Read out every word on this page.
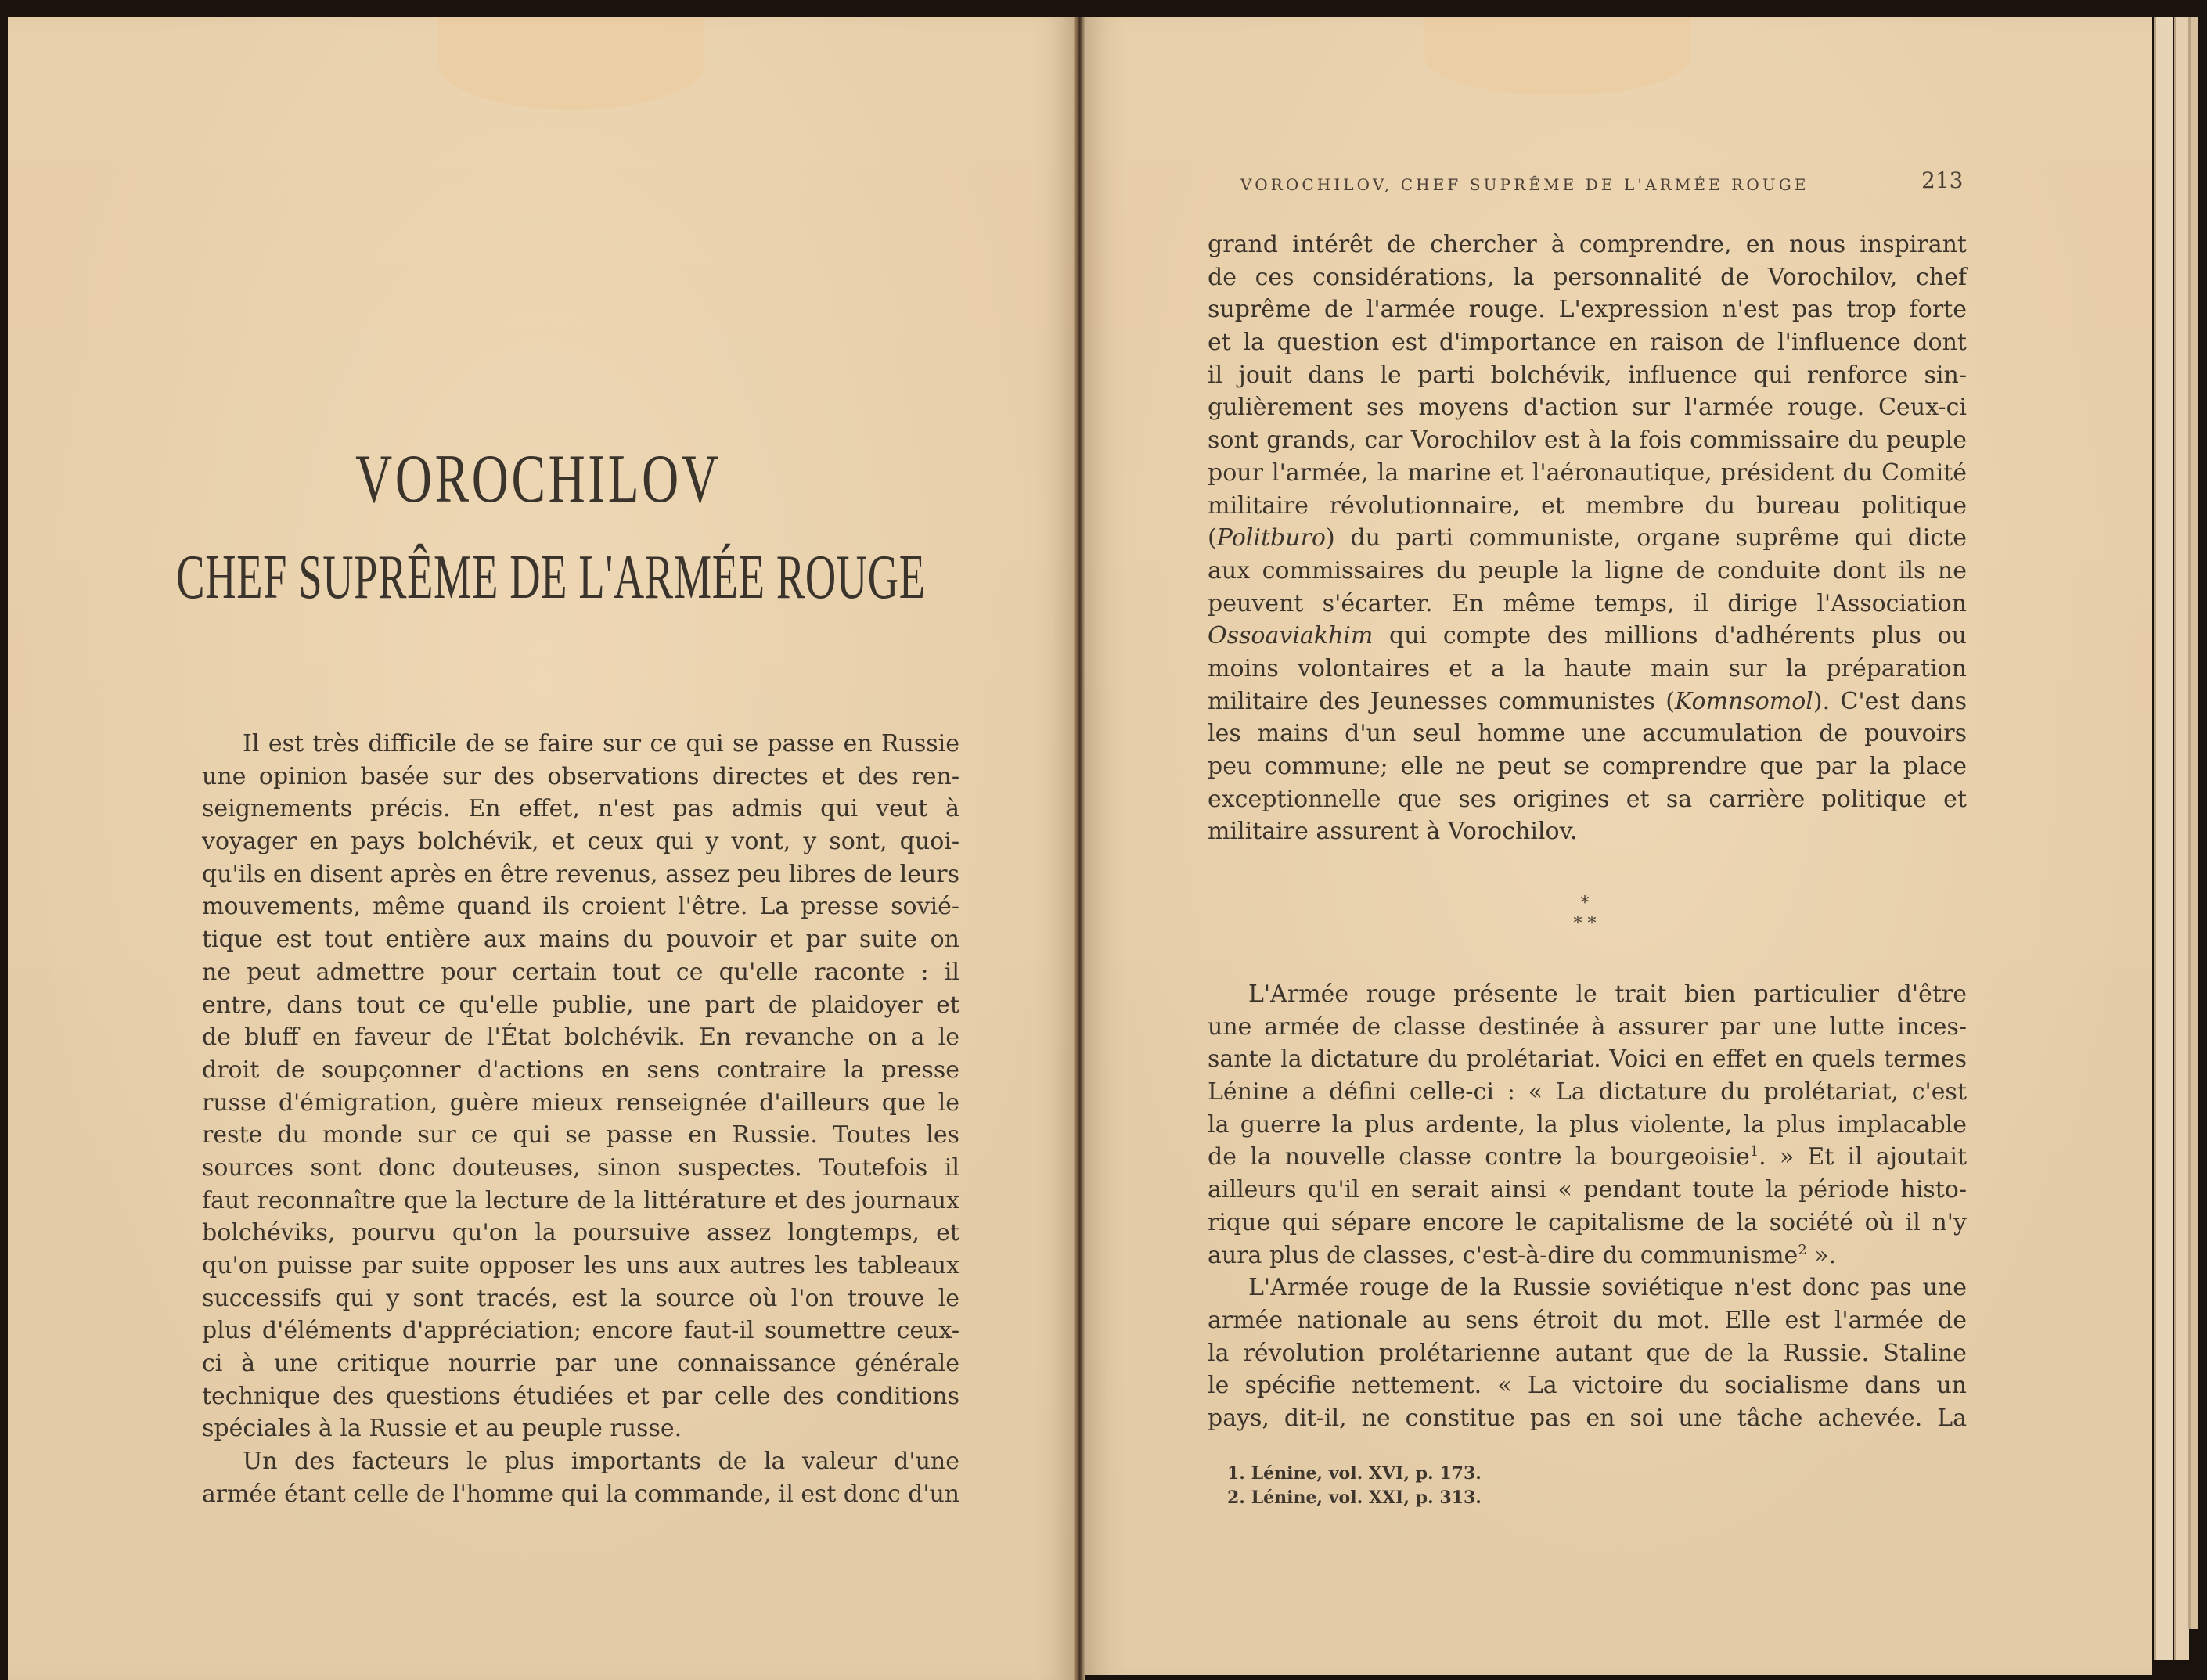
VOROCHILOV
CHEF SUPRÊME DE L'ARMÉE ROUGE
Il est très difficile de se faire sur ce qui se passe en Russie
une opinion basée sur des observations directes et des ren-
seignements précis. En effet, n'est pas admis qui veut à
voyager en pays bolchévik, et ceux qui y vont, y sont, quoi-
qu'ils en disent après en être revenus, assez peu libres de leurs
mouvements, même quand ils croient l'être. La presse sovié-
tique est tout entière aux mains du pouvoir et par suite on
ne peut admettre pour certain tout ce qu'elle raconte : il
entre, dans tout ce qu'elle publie, une part de plaidoyer et
de bluff en faveur de l'État bolchévik. En revanche on a le
droit de soupçonner d'actions en sens contraire la presse
russe d'émigration, guère mieux renseignée d'ailleurs que le
reste du monde sur ce qui se passe en Russie. Toutes les
sources sont donc douteuses, sinon suspectes. Toutefois il
faut reconnaître que la lecture de la littérature et des journaux
bolchéviks, pourvu qu'on la poursuive assez longtemps, et
qu'on puisse par suite opposer les uns aux autres les tableaux
successifs qui y sont tracés, est la source où l'on trouve le
plus d'éléments d'appréciation; encore faut-il soumettre ceux-
ci à une critique nourrie par une connaissance générale
technique des questions étudiées et par celle des conditions
spéciales à la Russie et au peuple russe.
Un des facteurs le plus importants de la valeur d'une
armée étant celle de l'homme qui la commande, il est donc d'un
VOROCHILOV, CHEF SUPRÊME DE L'ARMÉE ROUGE	213
grand intérêt de chercher à comprendre, en nous inspirant
de ces considérations, la personnalité de Vorochilov, chef
suprême de l'armée rouge. L'expression n'est pas trop forte
et la question est d'importance en raison de l'influence dont
il jouit dans le parti bolchévik, influence qui renforce sin-
gulièrement ses moyens d'action sur l'armée rouge. Ceux-ci
sont grands, car Vorochilov est à la fois commissaire du peuple
pour l'armée, la marine et l'aéronautique, président du Comité
militaire révolutionnaire, et membre du bureau politique
(Politburo) du parti communiste, organe suprême qui dicte
aux commissaires du peuple la ligne de conduite dont ils ne
peuvent s'écarter. En même temps, il dirige l'Association
Ossoaviakhim qui compte des millions d'adhérents plus ou
moins volontaires et a la haute main sur la préparation
militaire des Jeunesses communistes (Komnsomol). C'est dans
les mains d'un seul homme une accumulation de pouvoirs
peu commune; elle ne peut se comprendre que par la place
exceptionnelle que ses origines et sa carrière politique et
militaire assurent à Vorochilov.
*
* *
L'Armée rouge présente le trait bien particulier d'être
une armée de classe destinée à assurer par une lutte inces-
sante la dictature du prolétariat. Voici en effet en quels termes
Lénine a défini celle-ci : « La dictature du prolétariat, c'est
la guerre la plus ardente, la plus violente, la plus implacable
de la nouvelle classe contre la bourgeoisie$^1$. » Et il ajoutait
ailleurs qu'il en serait ainsi « pendant toute la période histo-
rique qui sépare encore le capitalisme de la société où il n'y
aura plus de classes, c'est-à-dire du communisme$^2$ ».
L'Armée rouge de la Russie soviétique n'est donc pas une
armée nationale au sens étroit du mot. Elle est l'armée de
la révolution prolétarienne autant que de la Russie. Staline
le spécifie nettement. « La victoire du socialisme dans un
pays, dit-il, ne constitue pas en soi une tâche achevée. La
1. Lénine, vol. XVI, p. 173.
2. Lénine, vol. XXI, p. 313.
